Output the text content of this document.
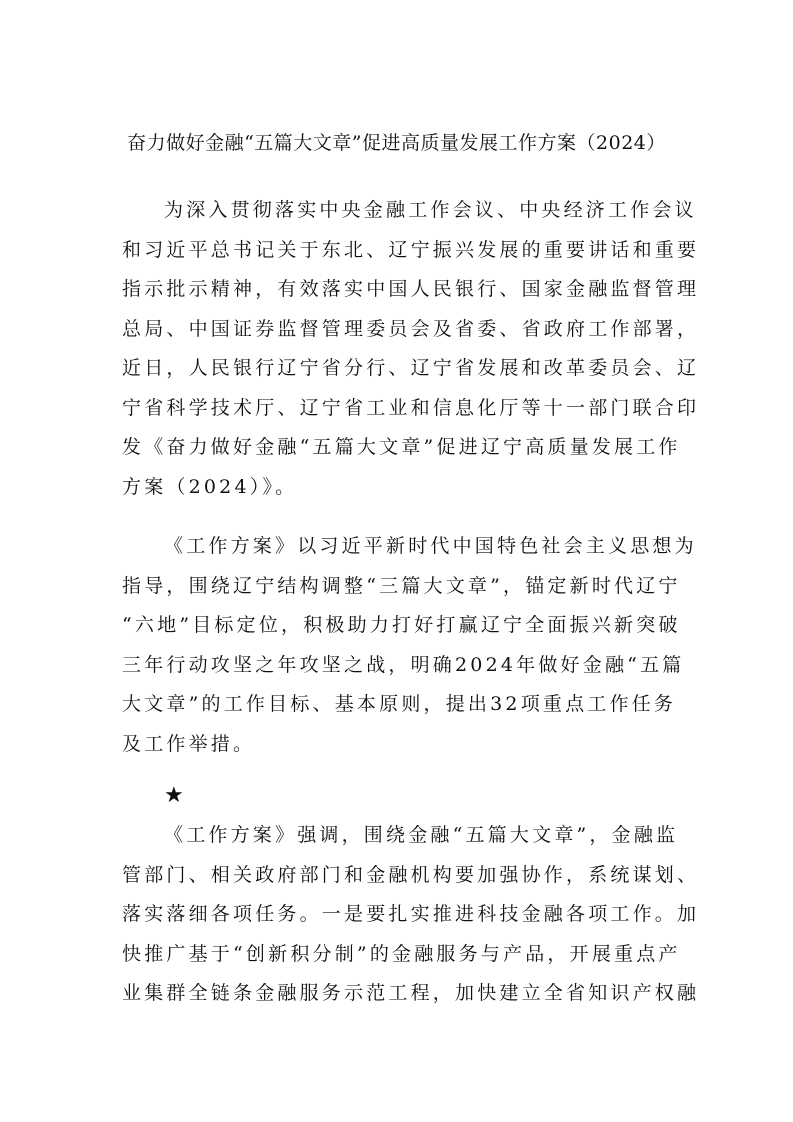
奋力做好金融“五篇大文章”促进高质量发展工作方案（2024）
为深入贯彻落实中央金融工作会议、中央经济工作会议
和习近平总书记关于东北、辽宁振兴发展的重要讲话和重要
指示批示精神，有效落实中国人民银行、国家金融监督管理
总局、中国证券监督管理委员会及省委、省政府工作部署，
近日，人民银行辽宁省分行、辽宁省发展和改革委员会、辽
宁省科学技术厅、辽宁省工业和信息化厅等十一部门联合印
发《奋力做好金融“五篇大文章”促进辽宁高质量发展工作
方案（2024）》。
《工作方案》以习近平新时代中国特色社会主义思想为
指导，围绕辽宁结构调整“三篇大文章”，锚定新时代辽宁
“六地”目标定位，积极助力打好打赢辽宁全面振兴新突破
三年行动攻坚之年攻坚之战，明确2024年做好金融“五篇
大文章”的工作目标、基本原则，提出32项重点工作任务
及工作举措。
★
《工作方案》强调，围绕金融“五篇大文章”，金融监
管部门、相关政府部门和金融机构要加强协作，系统谋划、
落实落细各项任务。一是要扎实推进科技金融各项工作。加
快推广基于“创新积分制”的金融服务与产品，开展重点产
业集群全链条金融服务示范工程，加快建立全省知识产权融
